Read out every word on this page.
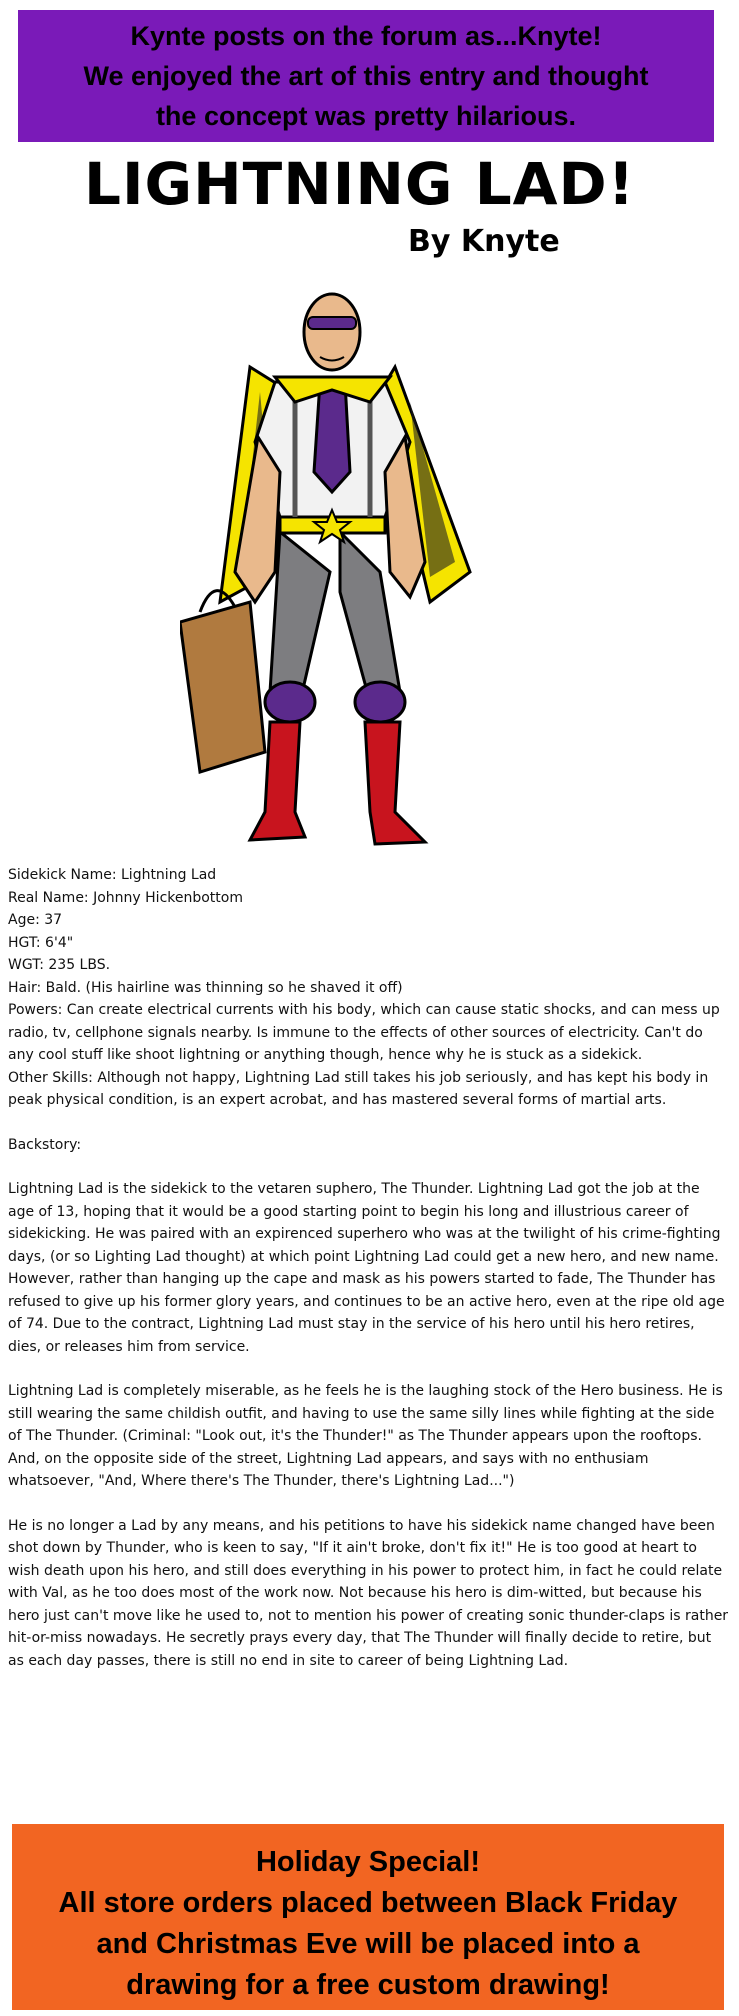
Kynte posts on the forum as...Knyte!
We enjoyed the art of this entry and thought
the concept was pretty hilarious.
LIGHTNING LAD!
By Knyte

Sidekick Name: Lightning Lad

Real Name: Johnny Hickenbottom

Age: 37

HGT: 6'4"

WGT: 235 LBS.

Hair: Bald. (His hairline was thinning so he shaved it off)

Powers: Can create electrical currents with his body, which can cause static shocks, and can mess up radio, tv, cellphone signals nearby. Is immune to the effects of other sources of electricity. Can't do any cool stuff like shoot lightning or anything though, hence why he is stuck as a sidekick.

Other Skills: Although not happy, Lightning Lad still takes his job seriously, and has kept his body in peak physical condition, is an expert acrobat, and has mastered several forms of martial arts.

Backstory:

Lightning Lad is the sidekick to the vetaren suphero, The Thunder. Lightning Lad got the job at the age of 13, hoping that it would be a good starting point to begin his long and illustrious career of sidekicking. He was paired with an expirenced superhero who was at the twilight of his crime-fighting days, (or so Lighting Lad thought) at which point Lightning Lad could get a new hero, and new name. However, rather than hanging up the cape and mask as his powers started to fade, The Thunder has refused to give up his former glory years, and continues to be an active hero, even at the ripe old age of 74. Due to the contract, Lightning Lad must stay in the service of his hero until his hero retires, dies, or releases him from service.

Lightning Lad is completely miserable, as he feels he is the laughing stock of the Hero business. He is still wearing the same childish outfit, and having to use the same silly lines while fighting at the side of The Thunder. (Criminal: "Look out, it's the Thunder!" as The Thunder appears upon the rooftops. And, on the opposite side of the street, Lightning Lad appears, and says with no enthusiam whatsoever, "And, Where there's The Thunder, there's Lightning Lad...")

He is no longer a Lad by any means, and his petitions to have his sidekick name changed have been shot down by Thunder, who is keen to say, "If it ain't broke, don't fix it!" He is too good at heart to wish death upon his hero, and still does everything in his power to protect him, in fact he could relate with Val, as he too does most of the work now. Not because his hero is dim-witted, but because his hero just can't move like he used to, not to mention his power of creating sonic thunder-claps is rather hit-or-miss nowadays. He secretly prays every day, that The Thunder will finally decide to retire, but as each day passes, there is still no end in site to career of being Lightning Lad.

Holiday Special!
All store orders placed between Black Friday
and Christmas Eve will be placed into a
drawing for a free custom drawing!
